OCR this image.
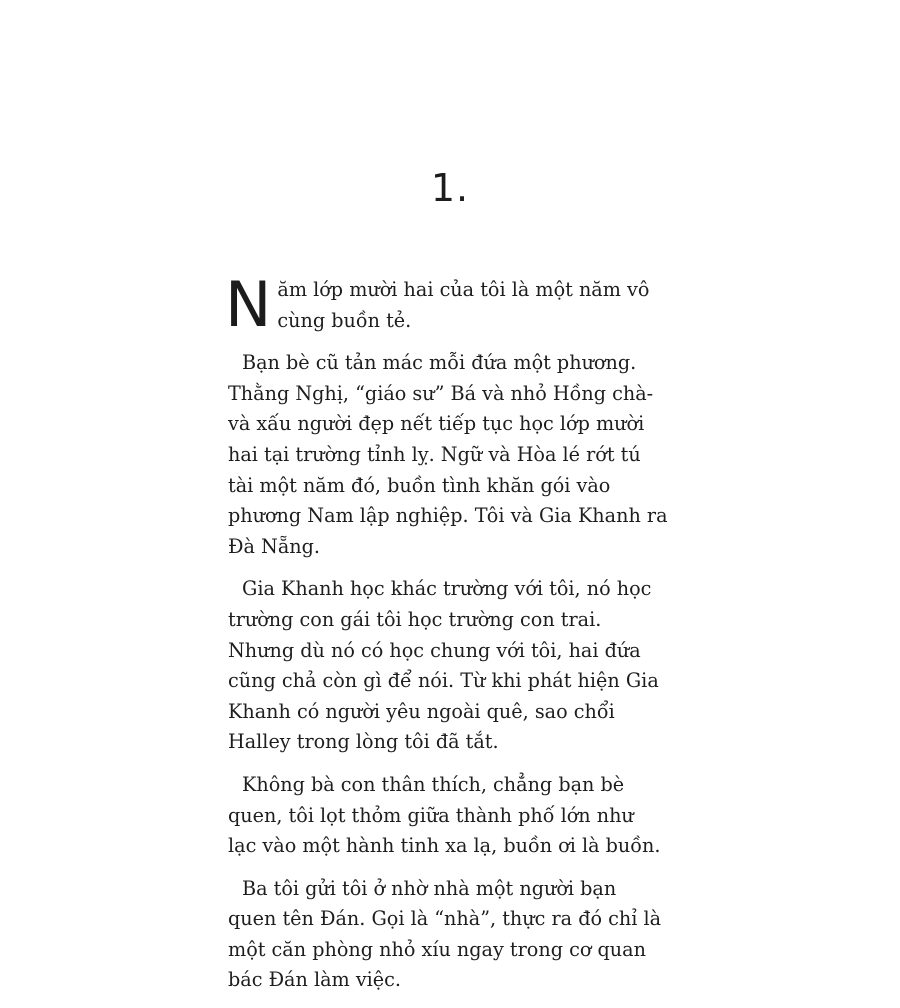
1.

Năm lớp mười hai của tôi là một năm vô cùng buồn tẻ.

Bạn bè cũ tản mác mỗi đứa một phương. Thằng Nghị, “giáo sư” Bá và nhỏ Hồng chà-và xấu người đẹp nết tiếp tục học lớp mười hai tại trường tỉnh lỵ. Ngữ và Hòa lé rớt tú tài một năm đó, buồn tình khăn gói vào phương Nam lập nghiệp. Tôi và Gia Khanh ra Đà Nẵng.

Gia Khanh học khác trường với tôi, nó học trường con gái tôi học trường con trai. Nhưng dù nó có học chung với tôi, hai đứa cũng chả còn gì để nói. Từ khi phát hiện Gia Khanh có người yêu ngoài quê, sao chổi Halley trong lòng tôi đã tắt.

Không bà con thân thích, chẳng bạn bè quen, tôi lọt thỏm giữa thành phố lớn như lạc vào một hành tinh xa lạ, buồn ơi là buồn.

Ba tôi gửi tôi ở nhờ nhà một người bạn quen tên Đán. Gọi là “nhà”, thực ra đó chỉ là một căn phòng nhỏ xíu ngay trong cơ quan bác Đán làm việc.
